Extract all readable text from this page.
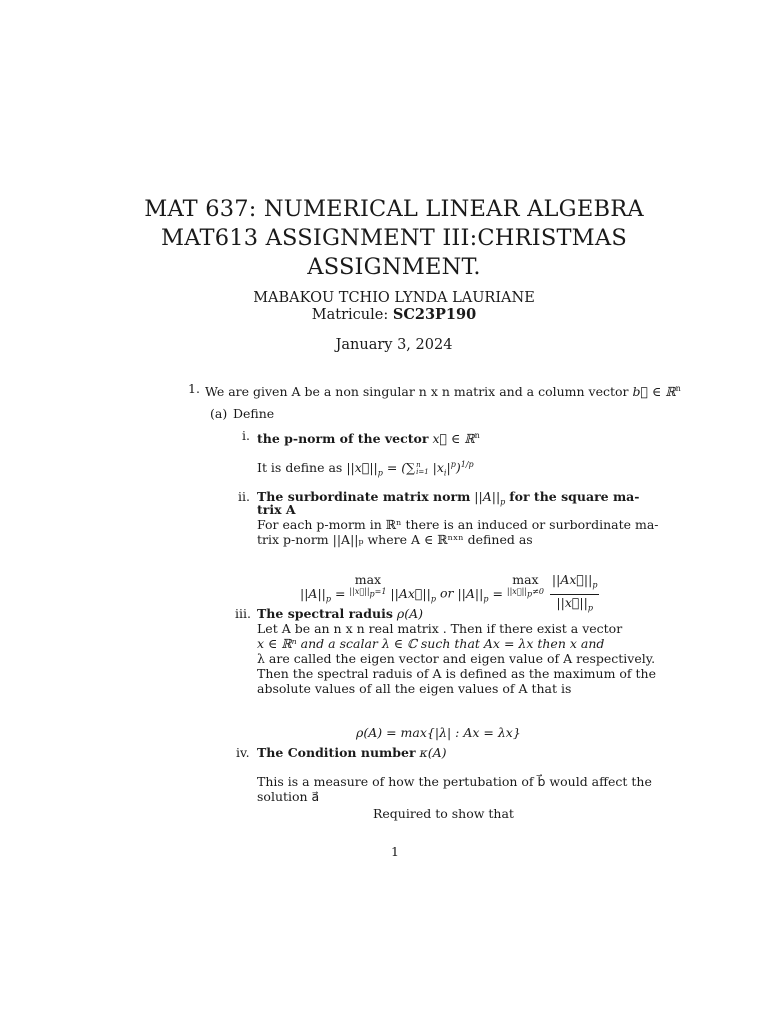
MAT 637: NUMERICAL LINEAR ALGEBRA
MAT613 ASSIGNMENT III:CHRISTMAS
ASSIGNMENT.
MABAKOU TCHIO LYNDA LAURIANE
Matricule: SC23P190
January 3, 2024
1. We are given A be a non singular n x n matrix and a column vector b⃗ ∈ ℝ$^n$
(a) Define
i. the p-norm of the vector x⃗ ∈ ℝ$^n$
It is define as $||x⃗||_p$ = (∑ n
i=1 $|x_i|^p)^{1/p}$
ii. The surbordinate matrix norm $||A||_p$ for the square ma-
trix A
For each p-morm in ℝⁿ there is an induced or surbordinate ma-
trix p-norm ||A||ₚ where A ∈ ℝⁿˣⁿ defined as
$||A||_p = \max$
$||x⃗||_p=1$ $||Ax⃗||_p$ or $||A||_p = \max$
$||x⃗||_p\ne 0$
$\frac{||Ax⃗||_p}{||x⃗||_p}$
iii. The spectral raduis ρ(A)
Let A be an n x n real matrix . Then if there exist a vector
x ∈ ℝⁿ and a scalar λ ∈ ℂ such that Ax = λx then x and
λ are called the eigen vector and eigen value of A respectively.
Then the spectral raduis of A is defined as the maximum of the
absolute values of all the eigen values of A that is
ρ(A) = max{|λ| : Ax = λx}
iv. The Condition number κ(A)
This is a measure of how the pertubation of b⃗ would affect the
solution a⃗
Required to show that
1
